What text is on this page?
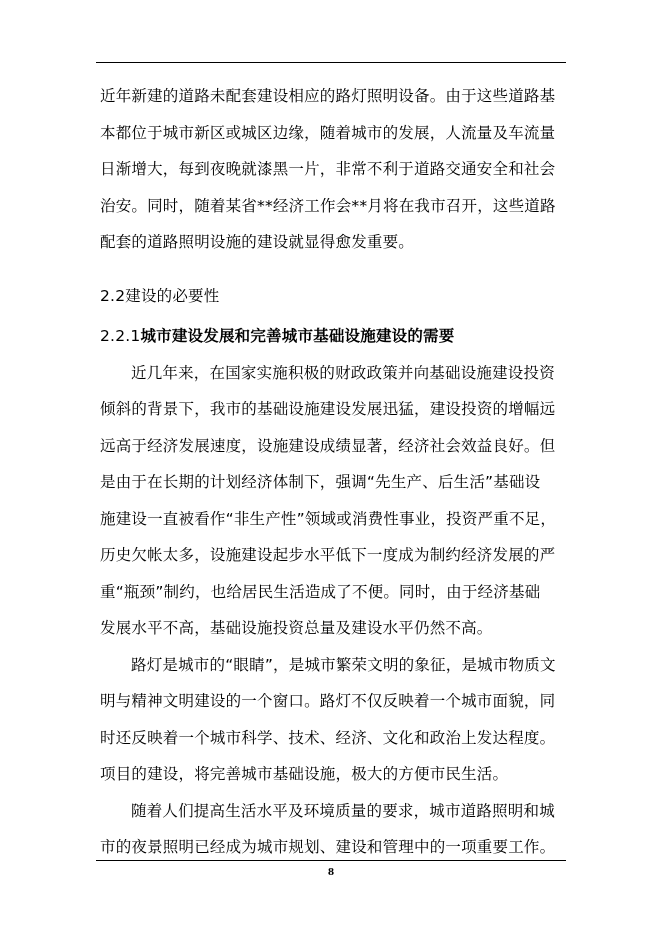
近年新建的道路未配套建设相应的路灯照明设备。由于这些道路基
本都位于城市新区或城区边缘，随着城市的发展，人流量及车流量
日渐增大，每到夜晚就漆黑一片，非常不利于道路交通安全和社会
治安。同时，随着某省**经济工作会**月将在我市召开，这些道路
配套的道路照明设施的建设就显得愈发重要。
2.2建设的必要性
2.2.1城市建设发展和完善城市基础设施建设的需要
近几年来，在国家实施积极的财政政策并向基础设施建设投资
倾斜的背景下，我市的基础设施建设发展迅猛，建设投资的增幅远
远高于经济发展速度，设施建设成绩显著，经济社会效益良好。但
是由于在长期的计划经济体制下，强调“先生产、后生活”基础设
施建设一直被看作“非生产性”领域或消费性事业，投资严重不足，
历史欠帐太多，设施建设起步水平低下一度成为制约经济发展的严
重“瓶颈”制约，也给居民生活造成了不便。同时，由于经济基础
发展水平不高，基础设施投资总量及建设水平仍然不高。
路灯是城市的“眼睛”，是城市繁荣文明的象征，是城市物质文
明与精神文明建设的一个窗口。路灯不仅反映着一个城市面貌，同
时还反映着一个城市科学、技术、经济、文化和政治上发达程度。
项目的建设，将完善城市基础设施，极大的方便市民生活。
随着人们提高生活水平及环境质量的要求，城市道路照明和城
市的夜景照明已经成为城市规划、建设和管理中的一项重要工作。
8
